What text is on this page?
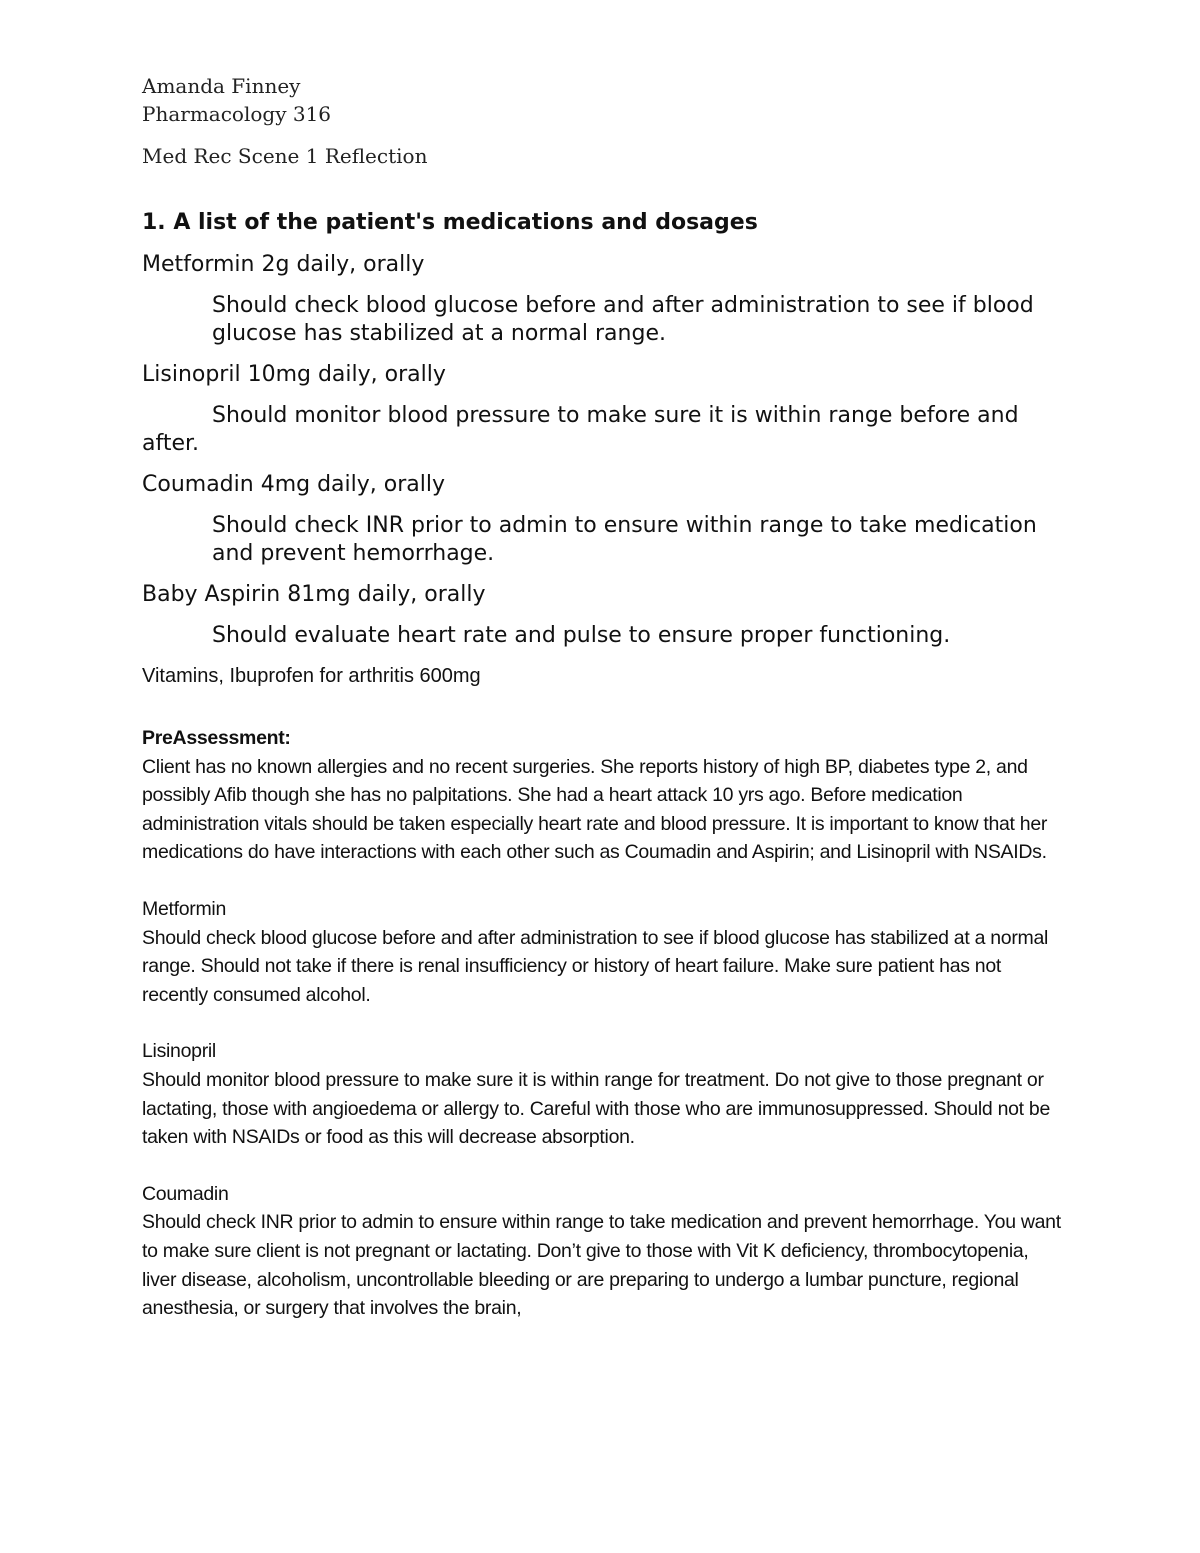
Amanda Finney

Pharmacology 316

Med Rec Scene 1 Reflection

1. A list of the patient's medications and dosages

Metformin 2g daily, orally

Should check blood glucose before and after administration to see if blood glucose has stabilized at a normal range.

Lisinopril 10mg daily, orally

Should monitor blood pressure to make sure it is within range before and after.

Coumadin 4mg daily, orally

Should check INR prior to admin to ensure within range to take medication and prevent hemorrhage.

Baby Aspirin 81mg daily, orally

Should evaluate heart rate and pulse to ensure proper functioning.

Vitamins, Ibuprofen for arthritis 600mg

PreAssessment:

Client has no known allergies and no recent surgeries. She reports history of high BP, diabetes type 2, and possibly Afib though she has no palpitations. She had a heart attack 10 yrs ago. Before medication administration vitals should be taken especially heart rate and blood pressure. It is important to know that her medications do have interactions with each other such as Coumadin and Aspirin; and Lisinopril with NSAIDs.

Metformin

Should check blood glucose before and after administration to see if blood glucose has stabilized at a normal range. Should not take if there is renal insufficiency or history of heart failure. Make sure patient has not recently consumed alcohol.

Lisinopril

Should monitor blood pressure to make sure it is within range for treatment. Do not give to those pregnant or lactating, those with angioedema or allergy to. Careful with those who are immunosuppressed. Should not be taken with NSAIDs or food as this will decrease absorption.

Coumadin

Should check INR prior to admin to ensure within range to take medication and prevent hemorrhage. You want to make sure client is not pregnant or lactating. Don’t give to those with Vit K deficiency, thrombocytopenia, liver disease, alcoholism, uncontrollable bleeding or are preparing to undergo a lumbar puncture, regional anesthesia, or surgery that involves the brain,
